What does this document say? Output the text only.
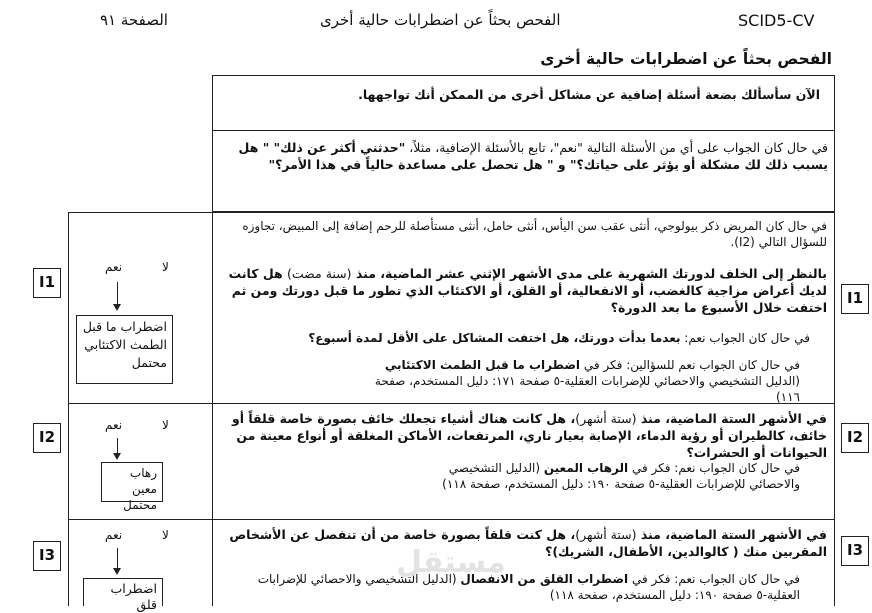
الصفحة ٩١	الفحص بحثاً عن اضطرابات حالية أخرى	SCID5-CV
الفحص بحثاً عن اضطرابات حالية أخرى
الآن سأسألك بضعة أسئلة إضافية عن مشاكل أخرى من الممكن أنك تواجهها.
في حال كان الجواب على أي من الأسئلة التالية "نعم"، تابع بالأسئلة الإضافية، مثلاً، "حدثني أكثر عن ذلك" " هل يسبب ذلك لك مشكلة أو يؤثر على حياتك؟" و " هل تحصل على مساعدة حالياً في هذا الأمر؟"
I1
I1
نعم	لا
اضطراب ما قبل الطمث الاكتئابي محتمل
في حال كان المريض ذكر بيولوجي، أنثى عقب سن اليأس، أنثى حامل، أنثى مستأصلة للرحم إضافة إلى المبيض، تجاوزه للسؤال التالي (I2).
بالنظر إلى الخلف لدورتك الشهرية على مدى الأشهر الإثني عشر الماضية، منذ (سنة مضت) هل كانت لديك أعراض مزاجية كالغضب، أو الانفعالية، أو القلق، أو الاكتئاب الذي تطور ما قبل دورتك ومن ثم اختفت خلال الأسبوع ما بعد الدورة؟
في حال كان الجواب نعم: بعدما بدأت دورتك، هل اختفت المشاكل على الأقل لمدة أسبوع؟
في حال كان الجواب نعم للسؤالين: فكر في اضطراب ما قبل الطمث الاكتئابي (الدليل التشخيصي والاحصائي للإضرابات العقلية-٥ صفحة ١٧١: دليل المستخدم، صفحة ١١٦)
I2	I2
نعم	لا
رهاب معين محتمل
في الأشهر الستة الماضية، منذ (ستة أشهر)، هل كانت هناك أشياء تجعلك خائف بصورة خاصة قلقاً أو خائف، كالطيران أو رؤية الدماء، الإصابة بعيار ناري، المرتفعات، الأماكن المغلقة أو أنواع معينة من الحيوانات أو الحشرات؟
في حال كان الجواب نعم: فكر في الرهاب المعين (الدليل التشخيصي والاحصائي للإضرابات العقلية-٥ صفحة ١٩٠: دليل المستخدم، صفحة ١١٨)
I3	I3
نعم	لا
اضطراب قلق
في الأشهر الستة الماضية، منذ (ستة أشهر)، هل كنت قلقاً بصورة خاصة من أن تنفصل عن الأشخاص المقربين منك ( كالوالدين، الأطفال، الشريك)؟
في حال كان الجواب نعم: فكر في اضطراب القلق من الانفصال (الدليل التشخيصي والاحصائي للإضرابات العقلية-٥ صفحة ١٩٠: دليل المستخدم، صفحة ١١٨)
مستقل
